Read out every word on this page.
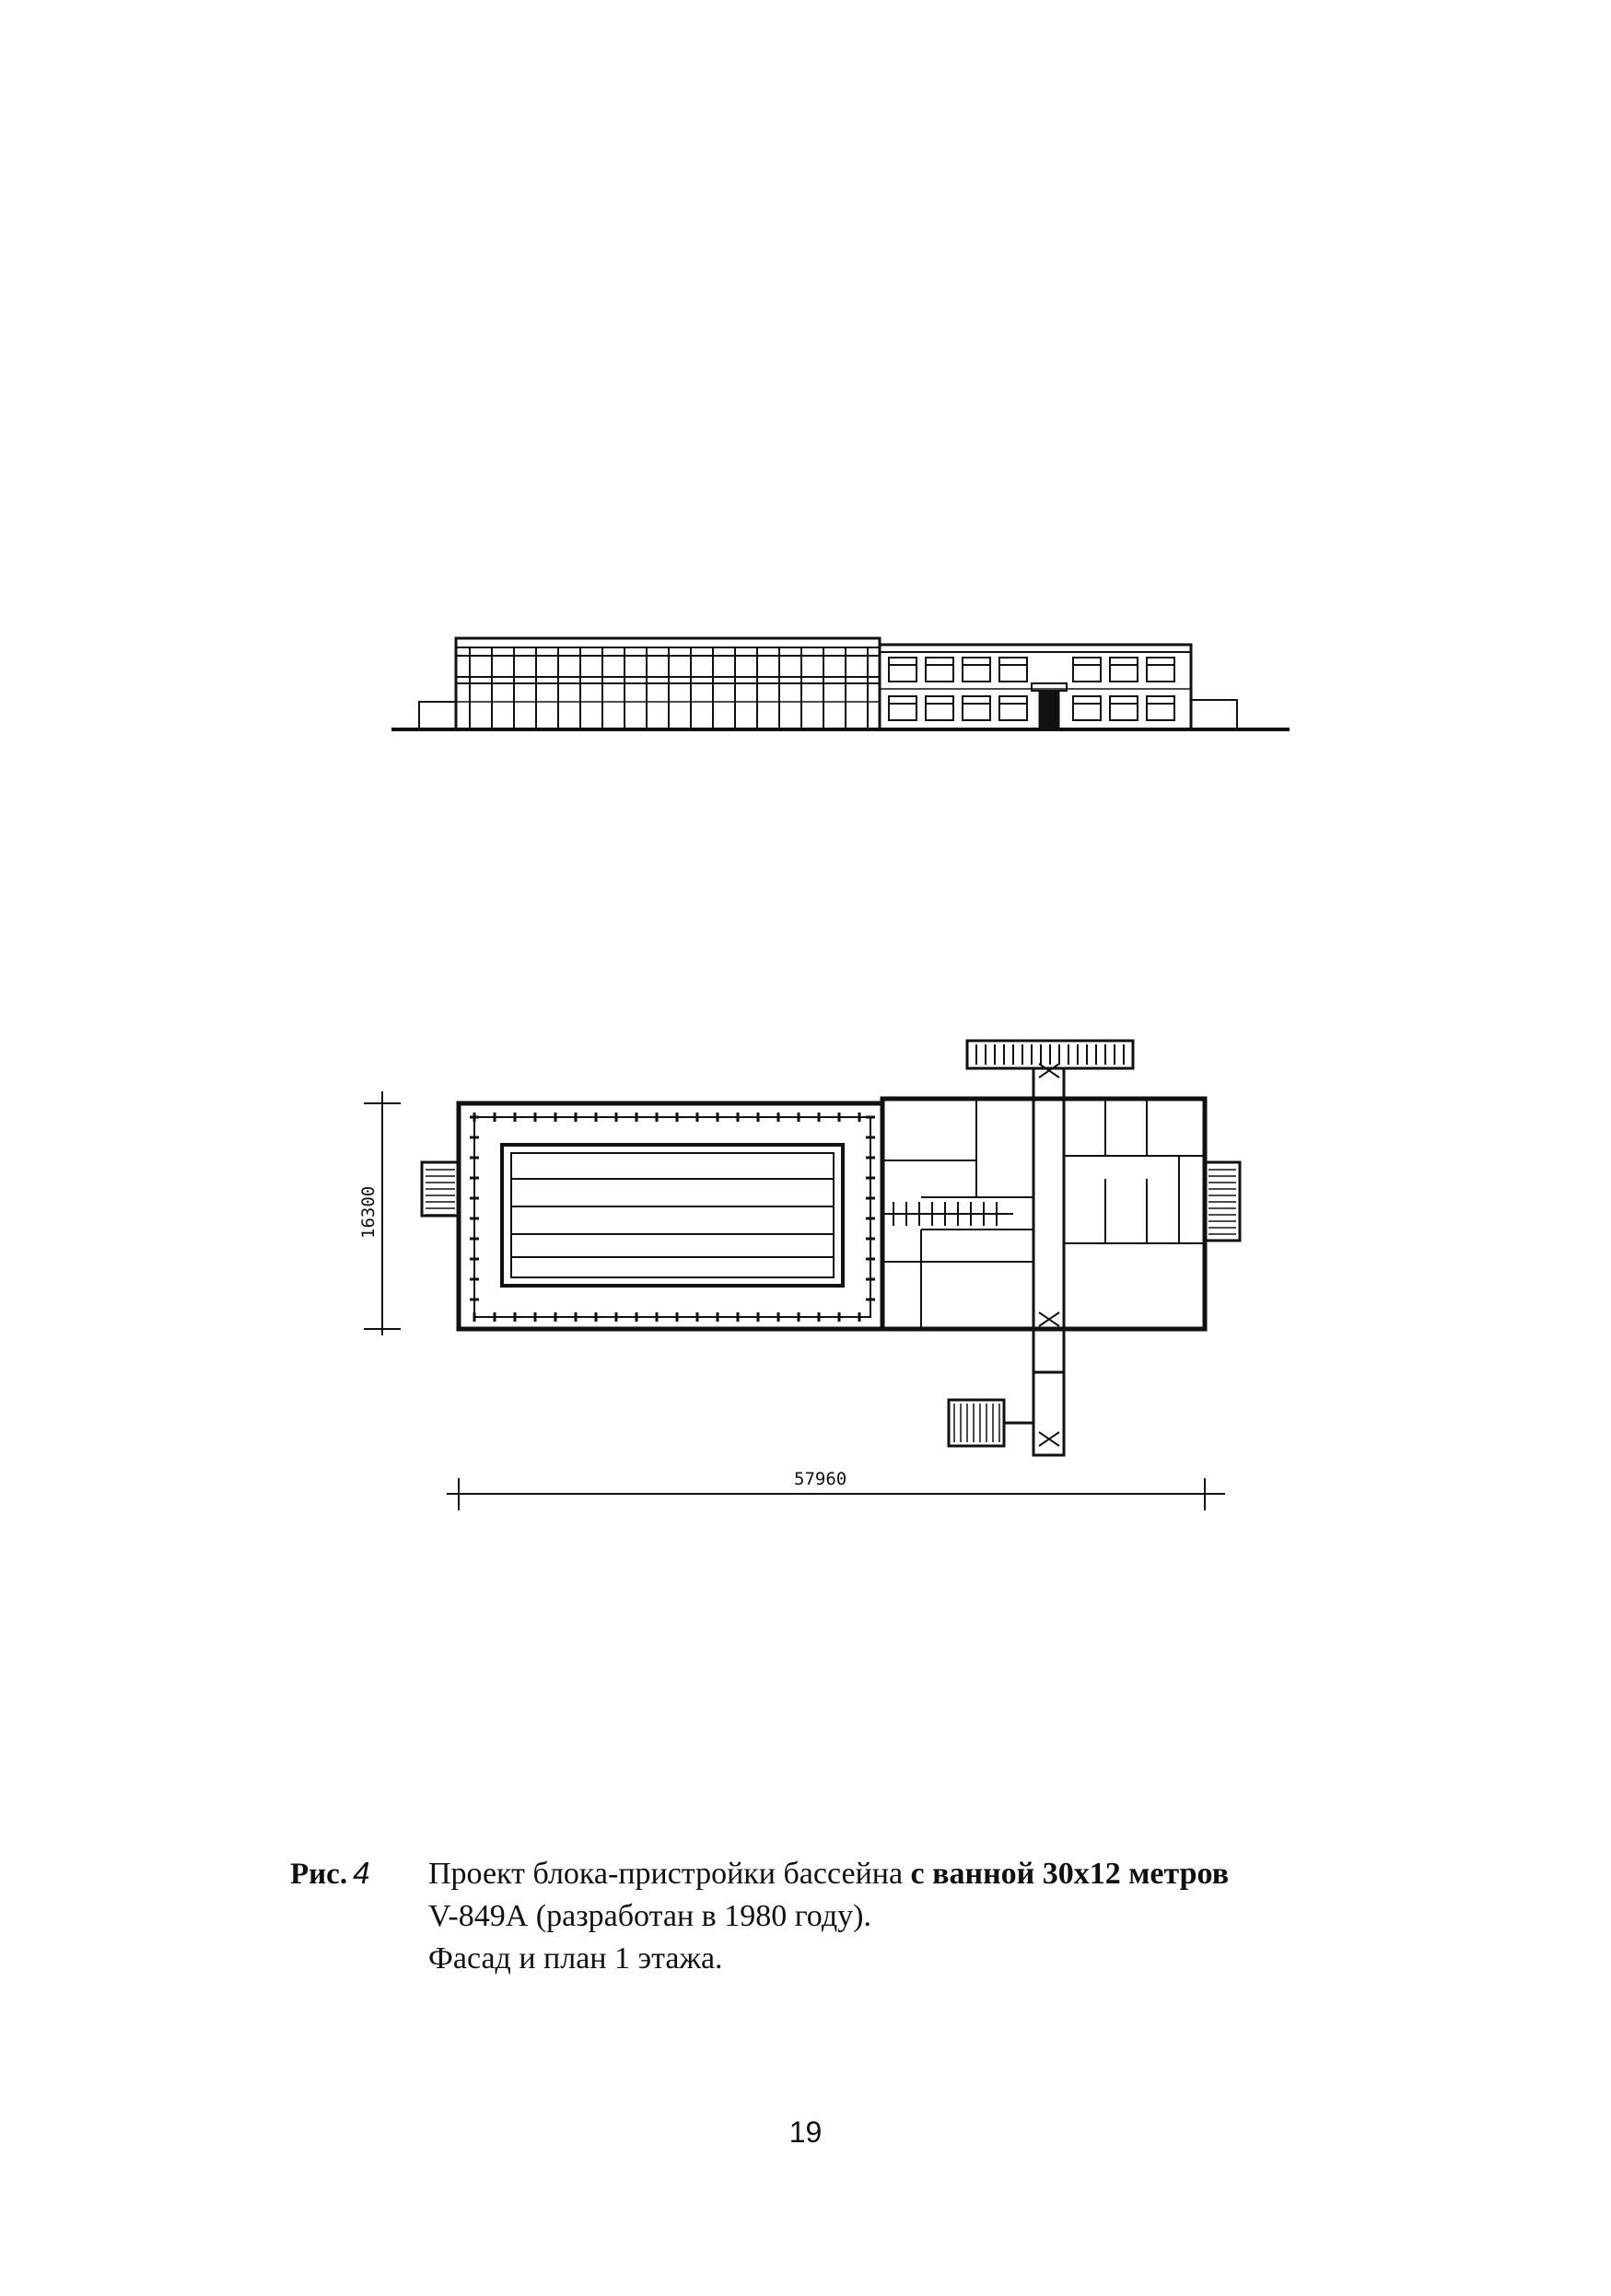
16300
57960
Рис. 4	Проект блока-пристройки бассейна с ванной 30х12 метров
V-849А (разработан в 1980 году).
Фасад и план 1 этажа.
19
